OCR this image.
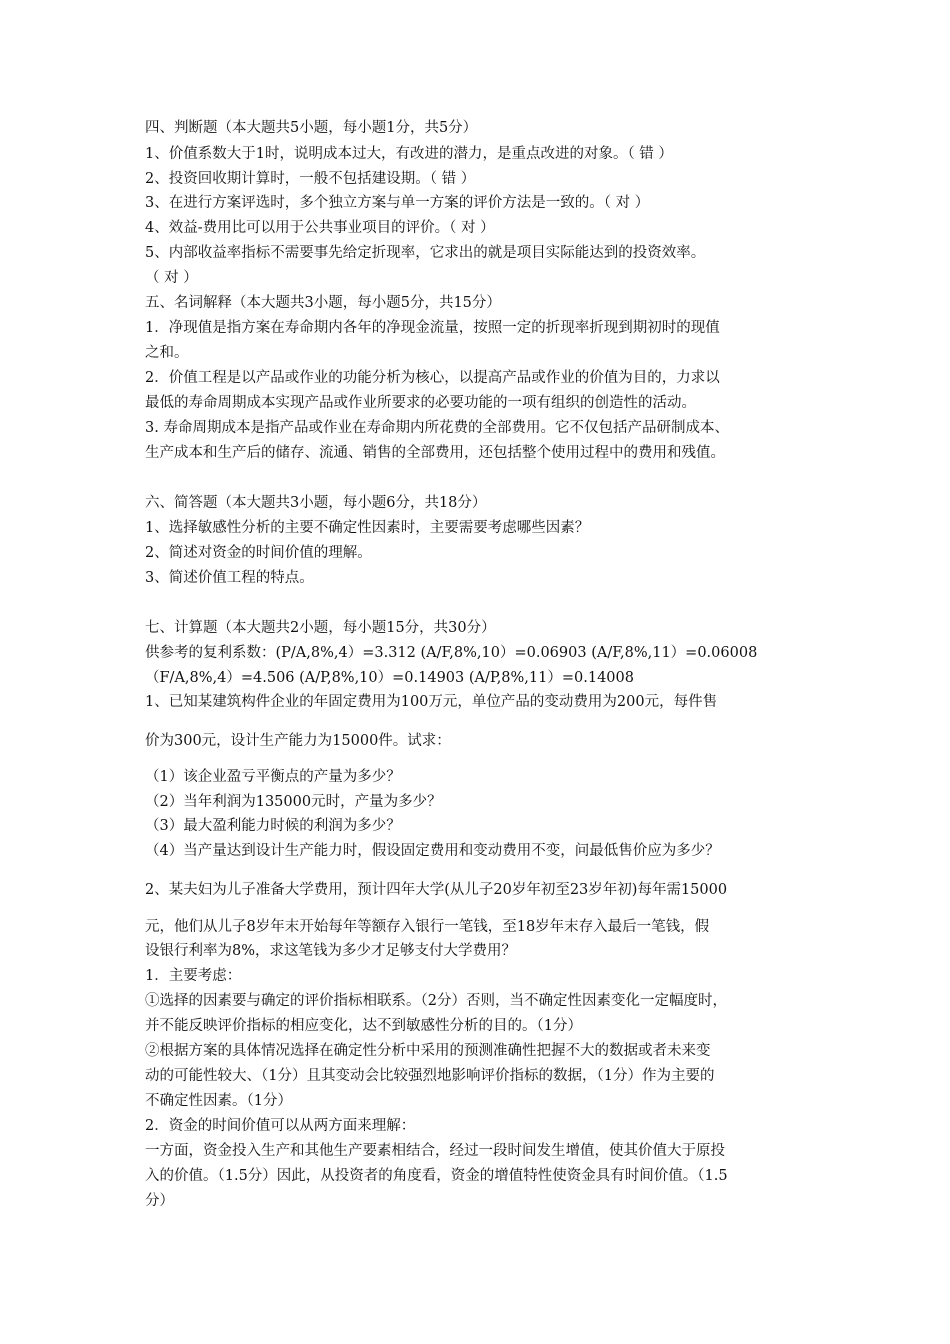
四、判断题（本大题共5小题，每小题1分，共5分）
1、价值系数大于1时，说明成本过大，有改进的潜力，是重点改进的对象。（ 错 ）
2、投资回收期计算时，一般不包括建设期。（ 错 ）
3、在进行方案评选时，多个独立方案与单一方案的评价方法是一致的。（ 对 ）
4、效益-费用比可以用于公共事业项目的评价。（ 对 ）
5、内部收益率指标不需要事先给定折现率，它求出的就是项目实际能达到的投资效率。
（ 对 ）
五、名词解释（本大题共3小题，每小题5分，共15分）
1．净现值是指方案在寿命期内各年的净现金流量，按照一定的折现率折现到期初时的现值
之和。
2．价值工程是以产品或作业的功能分析为核心，以提高产品或作业的价值为目的，力求以
最低的寿命周期成本实现产品或作业所要求的必要功能的一项有组织的创造性的活动。
3. 寿命周期成本是指产品或作业在寿命期内所花费的全部费用。它不仅包括产品研制成本、
生产成本和生产后的储存、流通、销售的全部费用，还包括整个使用过程中的费用和残值。
六、简答题（本大题共3小题，每小题6分，共18分）
1、选择敏感性分析的主要不确定性因素时，主要需要考虑哪些因素？
2、简述对资金的时间价值的理解。
3、简述价值工程的特点。
七、计算题（本大题共2小题，每小题15分，共30分）
供参考的复利系数：(P/A,8%,4）=3.312 (A/F,8%,10）=0.06903 (A/F,8%,11）=0.06008
（F/A,8%,4）=4.506 (A/P,8%,10）=0.14903 (A/P,8%,11）=0.14008
1、已知某建筑构件企业的年固定费用为100万元，单位产品的变动费用为200元，每件售
价为300元，设计生产能力为15000件。试求：
（1）该企业盈亏平衡点的产量为多少？
（2）当年利润为135000元时，产量为多少？
（3）最大盈利能力时候的利润为多少？
（4）当产量达到设计生产能力时，假设固定费用和变动费用不变，问最低售价应为多少？
2、某夫妇为儿子准备大学费用，预计四年大学(从儿子20岁年初至23岁年初)每年需15000
元，他们从儿子8岁年末开始每年等额存入银行一笔钱，至18岁年末存入最后一笔钱，假
设银行利率为8%，求这笔钱为多少才足够支付大学费用？
1．主要考虑：
①选择的因素要与确定的评价指标相联系。（2分）否则，当不确定性因素变化一定幅度时，
并不能反映评价指标的相应变化，达不到敏感性分析的目的。（1分）
②根据方案的具体情况选择在确定性分析中采用的预测准确性把握不大的数据或者未来变
动的可能性较大、（1分）且其变动会比较强烈地影响评价指标的数据，（1分）作为主要的
不确定性因素。（1分）
2．资金的时间价值可以从两方面来理解：
一方面，资金投入生产和其他生产要素相结合，经过一段时间发生增值，使其价值大于原投
入的价值。（1.5分）因此，从投资者的角度看，资金的增值特性使资金具有时间价值。（1.5
分）
